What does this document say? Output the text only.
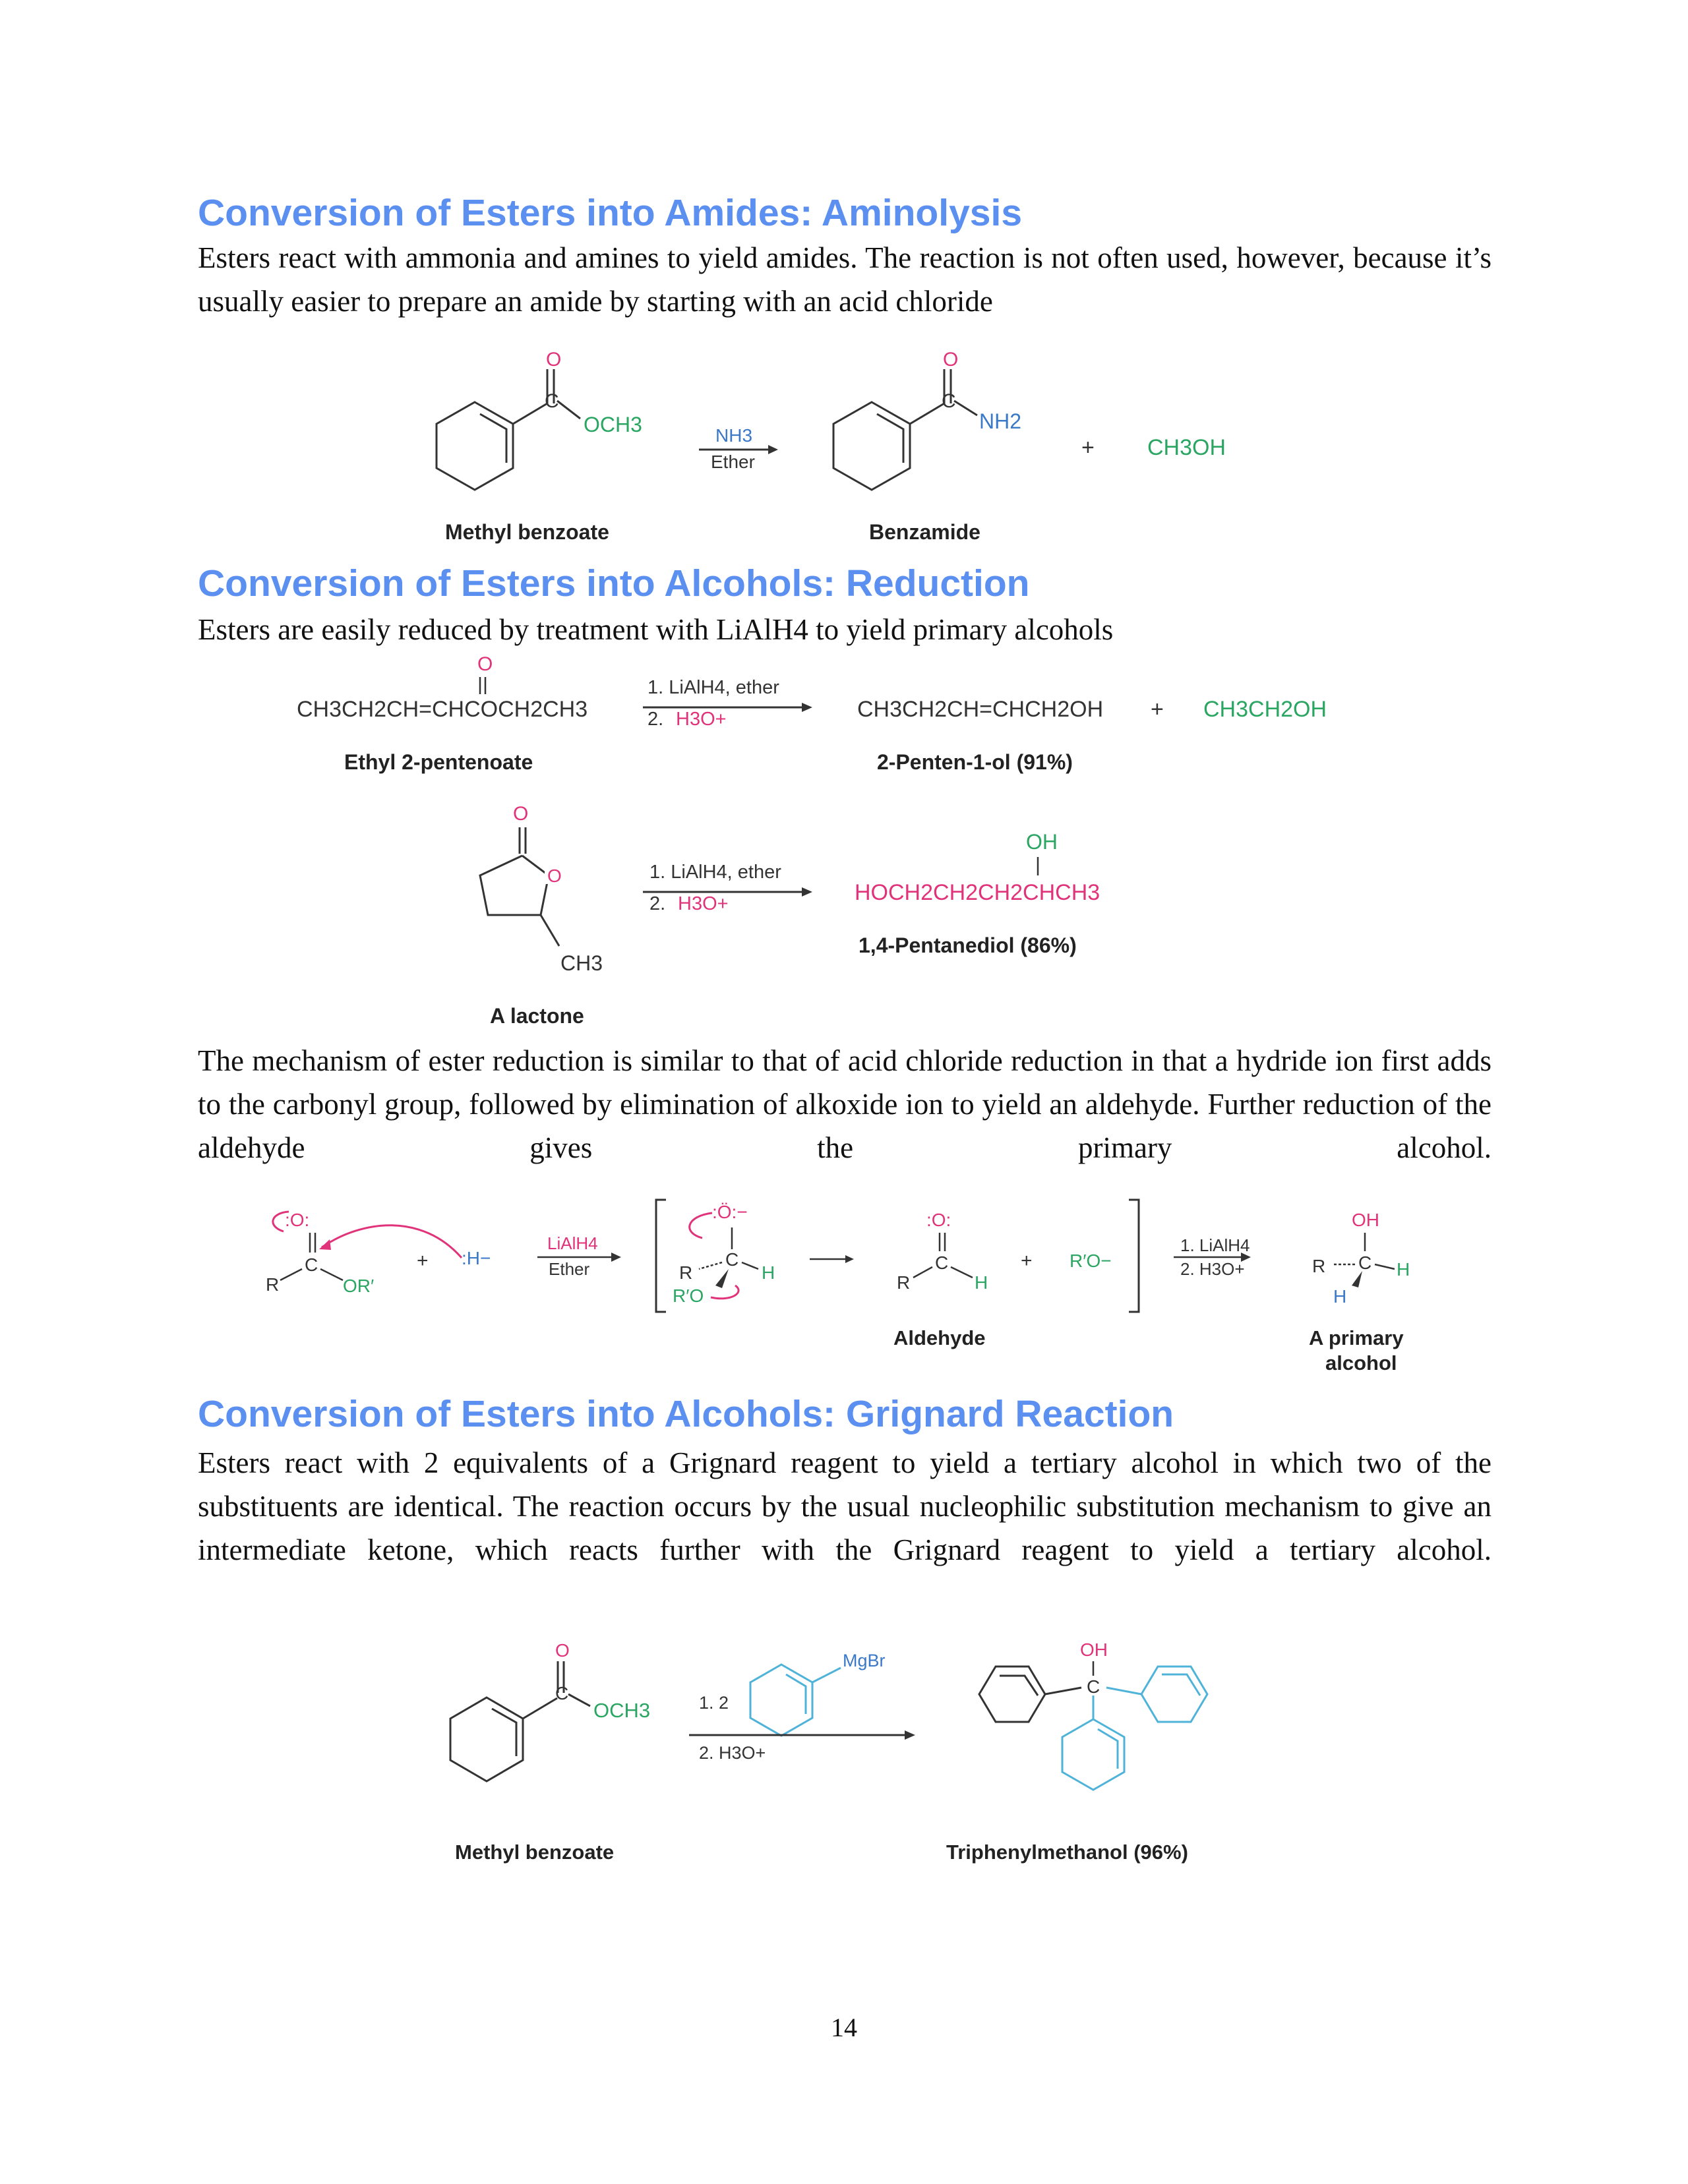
Conversion of Esters into Amides: Aminolysis

Esters react with ammonia and amines to yield amides. The reaction is not often used, however, because it’s usually easier to prepare an amide by starting with an acid chloride

O
C
OCH3	NH3
Ether
O
C
NH2
+ CH3OH
Methyl benzoate	Benzamide
Conversion of Esters into Alcohols: Reduction

Esters are easily reduced by treatment with LiAlH4 to yield primary alcohols

O
CH3CH2CH=CHCOCH2CH3
1. LiAlH4, ether
2. H3O+	CH3CH2CH=CHCH2OH + CH3CH2OH
Ethyl 2-pentenoate	2-Penten-1-ol (91%)
O
O
CH3
1. LiAlH4, ether
2. H3O+
OH
HOCH2CH2CH2CHCH3
1,4-Pentanediol (86%)
A lactone

The mechanism of ester reduction is similar to that of acid chloride reduction in that a hydride ion first adds to the carbonyl group, followed by elimination of alkoxide ion to yield an aldehyde. Further reduction of the aldehyde gives the primary alcohol.

:O:
C
R	OR′
+ :H−
LiAlH4
Ether
:Ö:−
C
R	H
R′O
:O:
C
R	H
+ R′O−
1. LiAlH4
2. H3O+
OH
C
R	H
H
Aldehyde	A primary
alcohol
Conversion of Esters into Alcohols: Grignard Reaction

Esters react with 2 equivalents of a Grignard reagent to yield a tertiary alcohol in which two of the substituents are identical. The reaction occurs by the usual nucleophilic substitution mechanism to give an intermediate ketone, which reacts further with the Grignard reagent to yield a tertiary alcohol.

O
C
OCH3	1. 2
MgBr
2. H3O+
OH
C
Methyl benzoate	Triphenylmethanol (96%)
14
